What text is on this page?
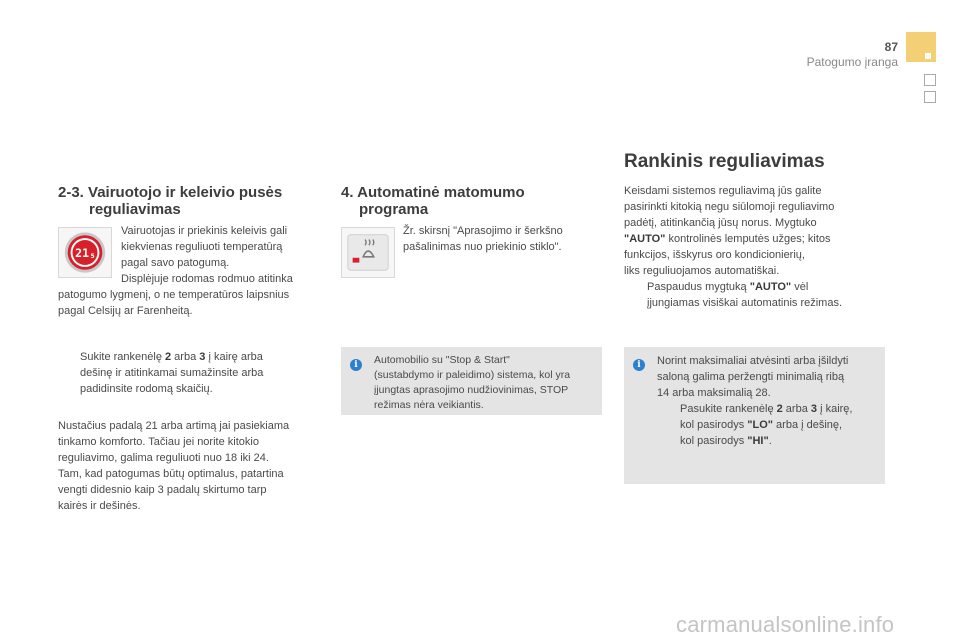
87
Patogumo įranga
2-3. Vairuotojo ir keleivio pusės
reguliavimas
21 5
Vairuotojas ir priekinis keleivis gali
kiekvienas reguliuoti temperatūrą
pagal savo patogumą.
Displėjuje rodomas rodmuo atitinka
patogumo lygmenį, o ne temperatūros laipsnius
pagal Celsijų ar Farenheitą.
Sukite rankenėlę 2 arba 3 į kairę arba
dešinę ir atitinkamai sumažinsite arba
padidinsite rodomą skaičių.
Nustačius padalą 21 arba artimą jai pasiekiama
tinkamo komforto. Tačiau jei norite kitokio
reguliavimo, galima reguliuoti nuo 18 iki 24.
Tam, kad patogumas būtų optimalus, patartina
vengti didesnio kaip 3 padalų skirtumo tarp
kairės ir dešinės.
4. Automatinė matomumo
programa
Žr. skirsnį "Aprasojimo ir šerkšno
pašalinimas nuo priekinio stiklo".
i	Automobilio su "Stop & Start"
(sustabdymo ir paleidimo) sistema, kol yra
įjungtas aprasojimo nudžiovinimas, STOP
režimas nėra veikiantis.
Rankinis reguliavimas
Keisdami sistemos reguliavimą jūs galite
pasirinkti kitokią negu siūlomoji reguliavimo
padėtį, atitinkančią jūsų norus. Mygtuko
"AUTO" kontrolinės lemputės užges; kitos
funkcijos, išskyrus oro kondicionierių,
liks reguliuojamos automatiškai.
Paspaudus mygtuką "AUTO" vėl
įjungiamas visiškai automatinis režimas.
i	Norint maksimaliai atvėsinti arba įšildyti
saloną galima peržengti minimalią ribą
14 arba maksimalią 28.
Pasukite rankenėlę 2 arba 3 į kairę,
kol pasirodys "LO" arba į dešinę,
kol pasirodys "HI".
carmanualsonline.info
